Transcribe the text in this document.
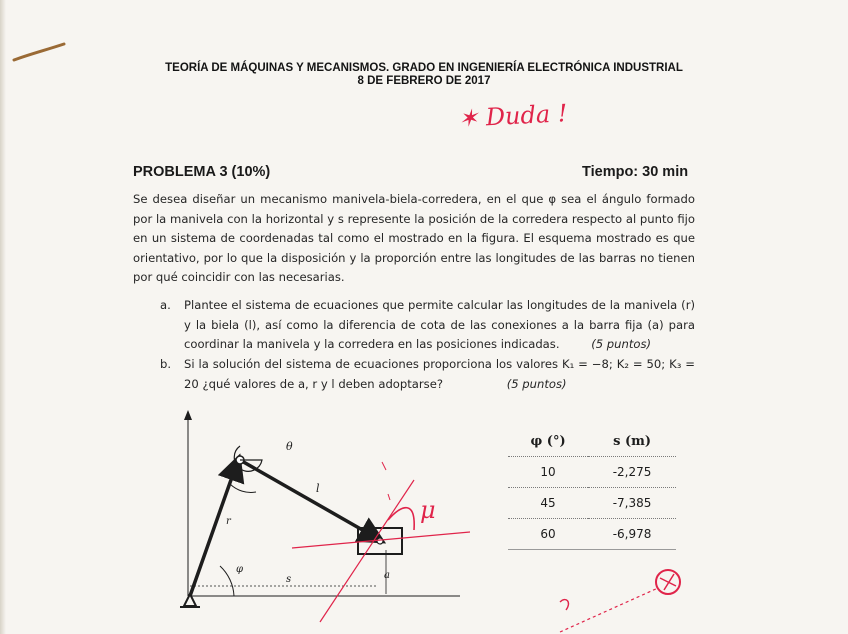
TEORÍA DE MÁQUINAS Y MECANISMOS. GRADO EN INGENIERÍA ELECTRÓNICA INDUSTRIAL
8 DE FEBRERO DE 2017
✶ Duda !
PROBLEMA 3 (10%)	Tiempo: 30 min
Se desea diseñar un mecanismo manivela-biela-corredera, en el que φ sea el ángulo formado por la manivela con la horizontal y s represente la posición de la corredera respecto al punto fijo en un sistema de coordenadas tal como el mostrado en la figura. El esquema mostrado es que orientativo, por lo que la disposición y la proporción entre las longitudes de las barras no tienen por qué coincidir con las necesarias.
a. Plantee el sistema de ecuaciones que permite calcular las longitudes de la manivela (r) y la biela (l), así como la diferencia de cota de las conexiones a la barra fija (a) para coordinar la manivela y la corredera en las posiciones indicadas.	(5 puntos)
b. Si la solución del sistema de ecuaciones proporciona los valores K₁ = −8; K₂ = 50; K₃ = 20 ¿qué valores de a, r y l deben adoptarse?	(5 puntos)
θ
l
r
φ
s	a
μ
φ (°)	s (m)
10	-2,275
45	-7,385
60	-6,978
